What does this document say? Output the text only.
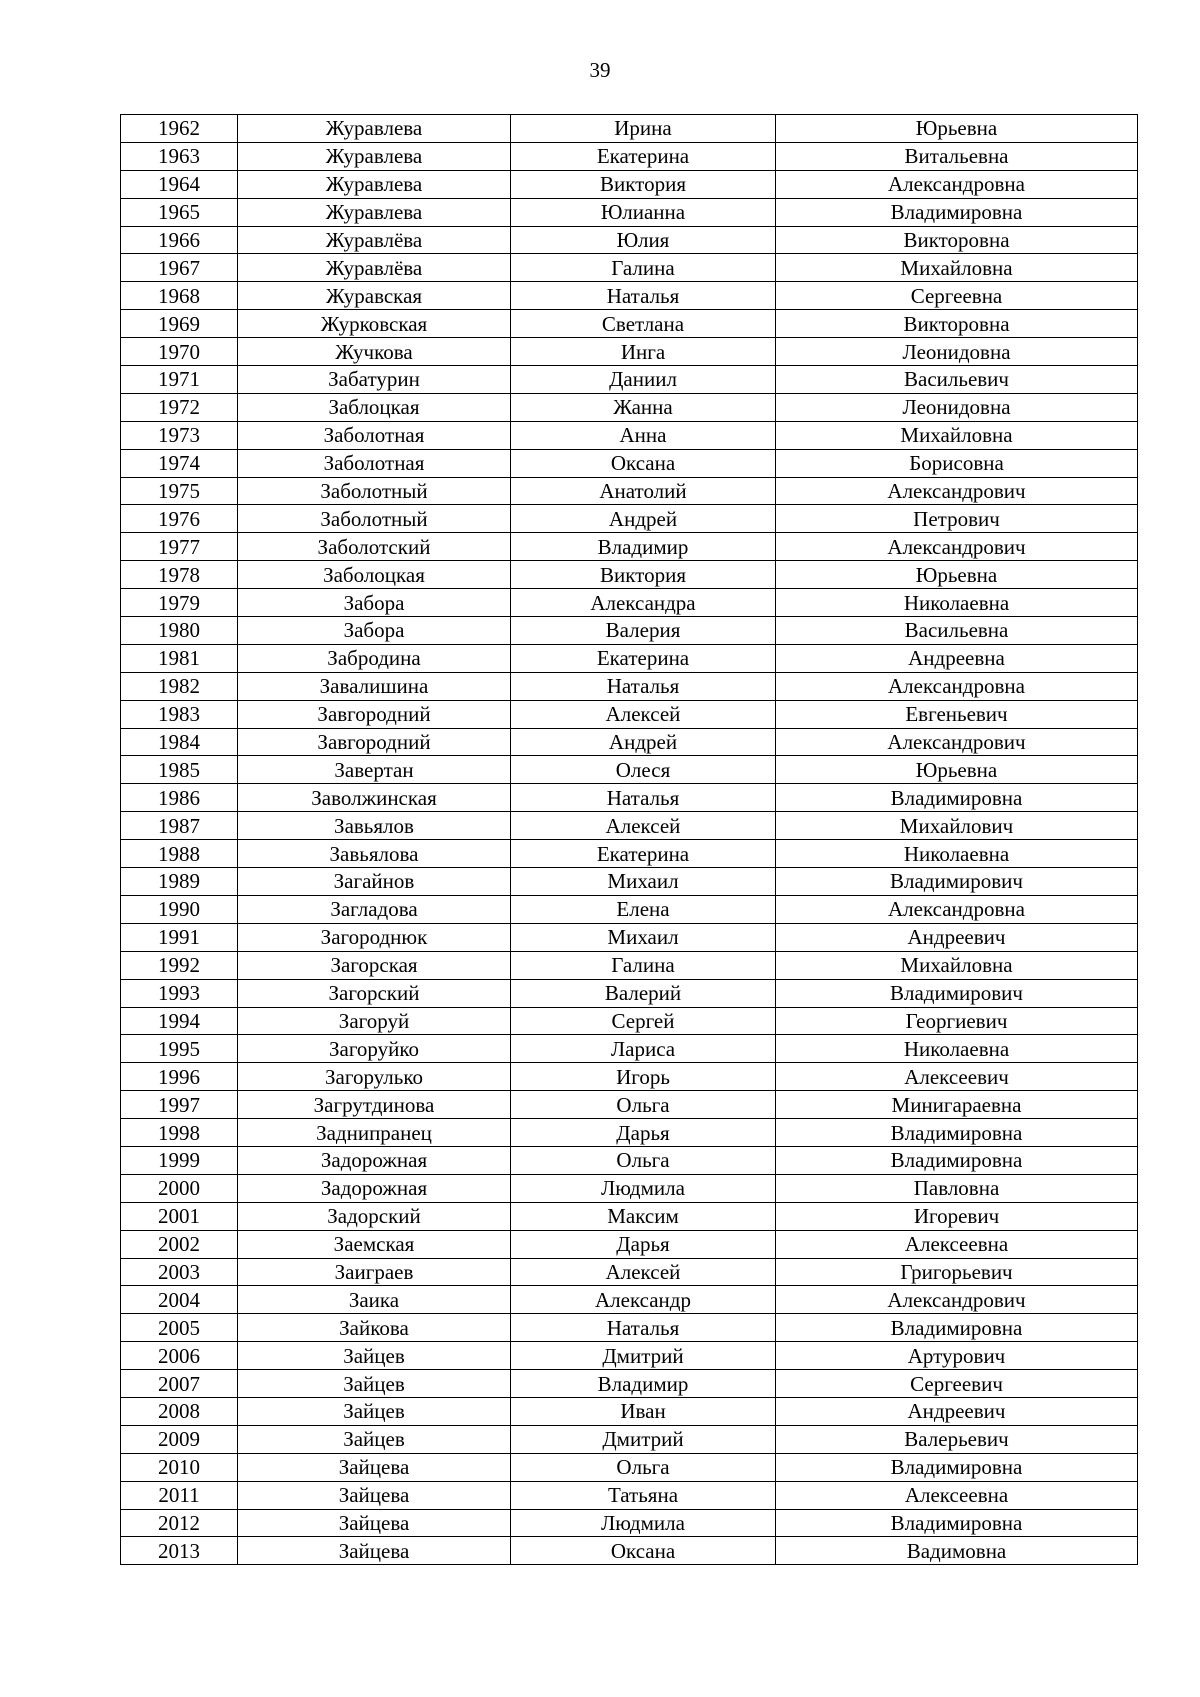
39
1962	Журавлева	Ирина	Юрьевна
1963	Журавлева	Екатерина	Витальевна
1964	Журавлева	Виктория	Александровна
1965	Журавлева	Юлианна	Владимировна
1966	Журавлёва	Юлия	Викторовна
1967	Журавлёва	Галина	Михайловна
1968	Журавская	Наталья	Сергеевна
1969	Журковская	Светлана	Викторовна
1970	Жучкова	Инга	Леонидовна
1971	Забатурин	Даниил	Васильевич
1972	Заблоцкая	Жанна	Леонидовна
1973	Заболотная	Анна	Михайловна
1974	Заболотная	Оксана	Борисовна
1975	Заболотный	Анатолий	Александрович
1976	Заболотный	Андрей	Петрович
1977	Заболотский	Владимир	Александрович
1978	Заболоцкая	Виктория	Юрьевна
1979	Забора	Александра	Николаевна
1980	Забора	Валерия	Васильевна
1981	Забродина	Екатерина	Андреевна
1982	Завалишина	Наталья	Александровна
1983	Завгородний	Алексей	Евгеньевич
1984	Завгородний	Андрей	Александрович
1985	Завертан	Олеся	Юрьевна
1986	Заволжинская	Наталья	Владимировна
1987	Завьялов	Алексей	Михайлович
1988	Завьялова	Екатерина	Николаевна
1989	Загайнов	Михаил	Владимирович
1990	Загладова	Елена	Александровна
1991	Загороднюк	Михаил	Андреевич
1992	Загорская	Галина	Михайловна
1993	Загорский	Валерий	Владимирович
1994	Загоруй	Сергей	Георгиевич
1995	Загоруйко	Лариса	Николаевна
1996	Загорулько	Игорь	Алексеевич
1997	Загрутдинова	Ольга	Минигараевна
1998	Заднипранец	Дарья	Владимировна
1999	Задорожная	Ольга	Владимировна
2000	Задорожная	Людмила	Павловна
2001	Задорский	Максим	Игоревич
2002	Заемская	Дарья	Алексеевна
2003	Заиграев	Алексей	Григорьевич
2004	Заика	Александр	Александрович
2005	Зайкова	Наталья	Владимировна
2006	Зайцев	Дмитрий	Артурович
2007	Зайцев	Владимир	Сергеевич
2008	Зайцев	Иван	Андреевич
2009	Зайцев	Дмитрий	Валерьевич
2010	Зайцева	Ольга	Владимировна
2011	Зайцева	Татьяна	Алексеевна
2012	Зайцева	Людмила	Владимировна
2013	Зайцева	Оксана	Вадимовна
